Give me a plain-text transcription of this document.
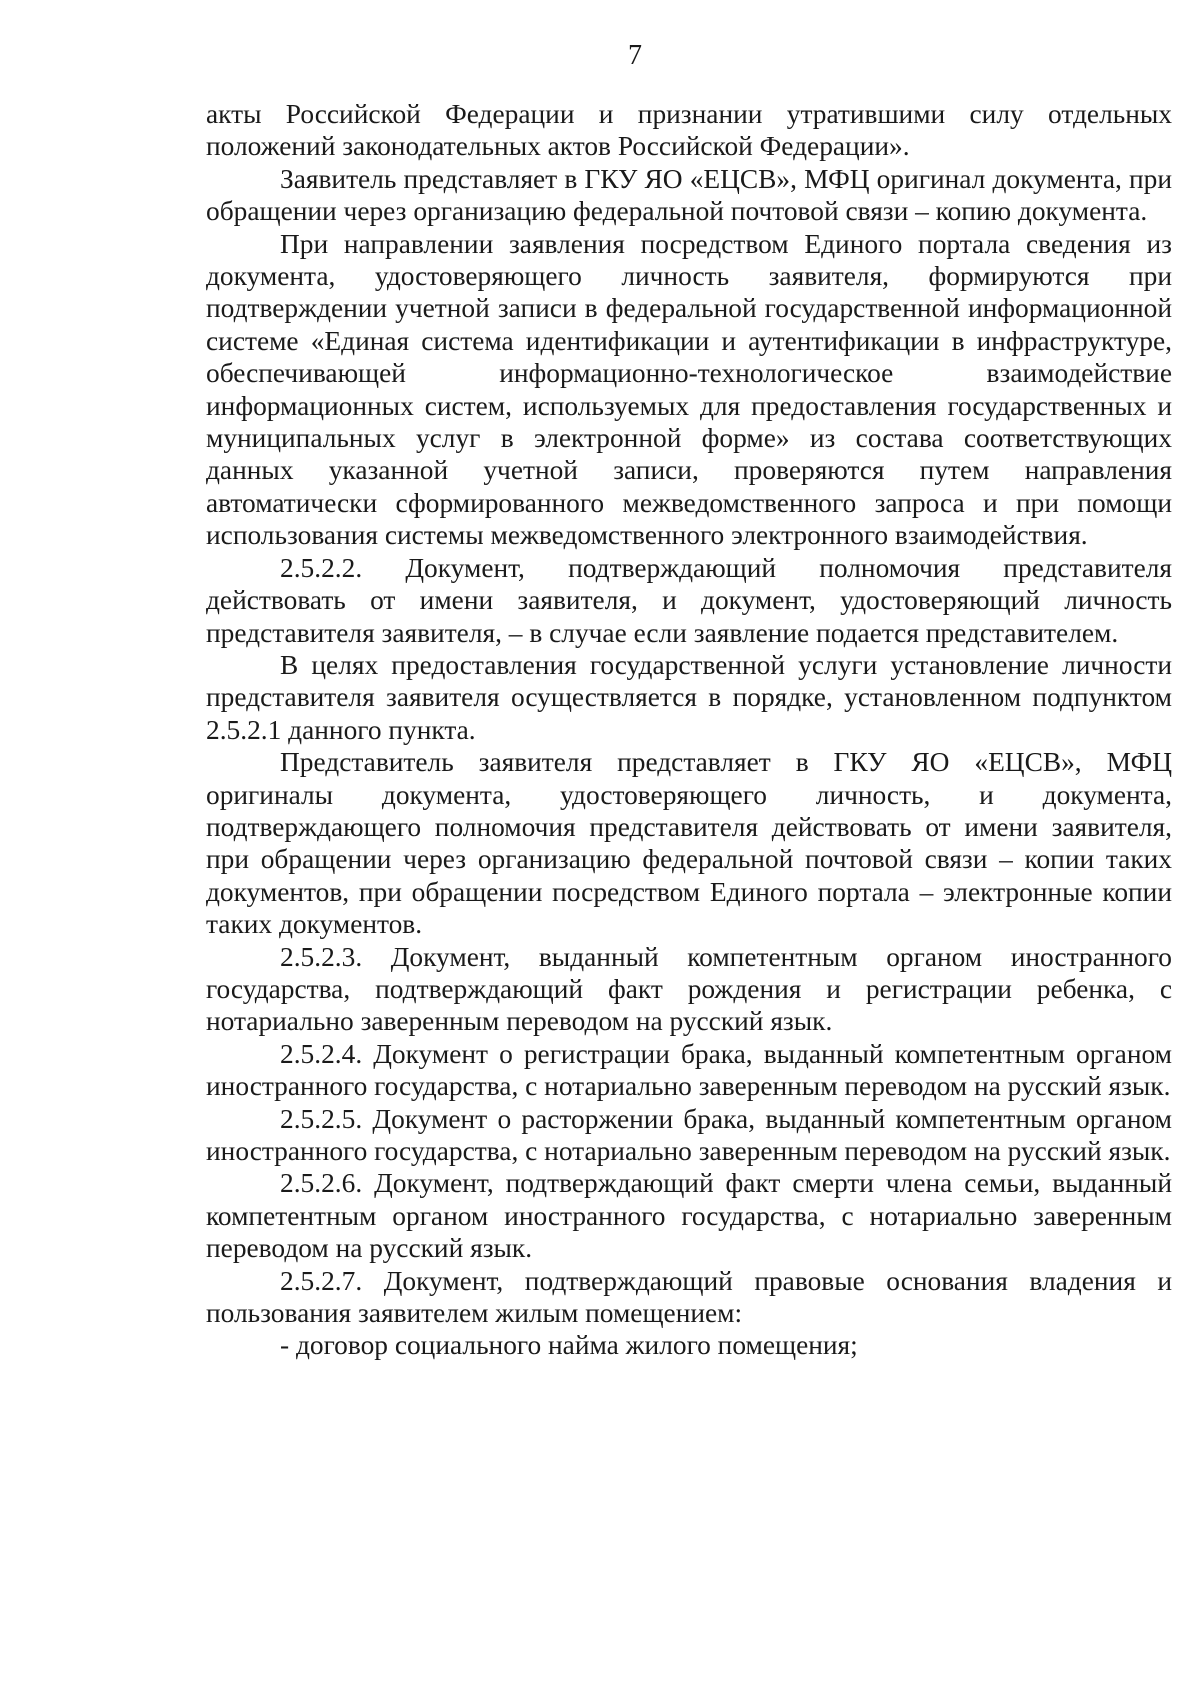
7

акты Российской Федерации и признании утратившими силу отдельных положений законодательных актов Российской Федерации».

Заявитель представляет в ГКУ ЯО «ЕЦСВ», МФЦ оригинал документа, при обращении через организацию федеральной почтовой связи – копию документа.

При направлении заявления посредством Единого портала сведения из документа, удостоверяющего личность заявителя, формируются при подтверждении учетной записи в федеральной государственной информационной системе «Единая система идентификации и аутентификации в инфраструктуре, обеспечивающей информационно-технологическое взаимодействие информационных систем, используемых для предоставления государственных и муниципальных услуг в электронной форме» из состава соответствующих данных указанной учетной записи, проверяются путем направления автоматически сформированного межведомственного запроса и при помощи использования системы межведомственного электронного взаимодействия.

2.5.2.2. Документ, подтверждающий полномочия представителя действовать от имени заявителя, и документ, удостоверяющий личность представителя заявителя, – в случае если заявление подается представителем.

В целях предоставления государственной услуги установление личности представителя заявителя осуществляется в порядке, установленном подпунктом 2.5.2.1 данного пункта.

Представитель заявителя представляет в ГКУ ЯО «ЕЦСВ», МФЦ оригиналы документа, удостоверяющего личность, и документа, подтверждающего полномочия представителя действовать от имени заявителя, при обращении через организацию федеральной почтовой связи – копии таких документов, при обращении посредством Единого портала – электронные копии таких документов.

2.5.2.3. Документ, выданный компетентным органом иностранного государства, подтверждающий факт рождения и регистрации ребенка, с нотариально заверенным переводом на русский язык.

2.5.2.4. Документ о регистрации брака, выданный компетентным органом иностранного государства, с нотариально заверенным переводом на русский язык.

2.5.2.5. Документ о расторжении брака, выданный компетентным органом иностранного государства, с нотариально заверенным переводом на русский язык.

2.5.2.6. Документ, подтверждающий факт смерти члена семьи, выданный компетентным органом иностранного государства, с нотариально заверенным переводом на русский язык.

2.5.2.7. Документ, подтверждающий правовые основания владения и пользования заявителем жилым помещением:

- договор социального найма жилого помещения;
